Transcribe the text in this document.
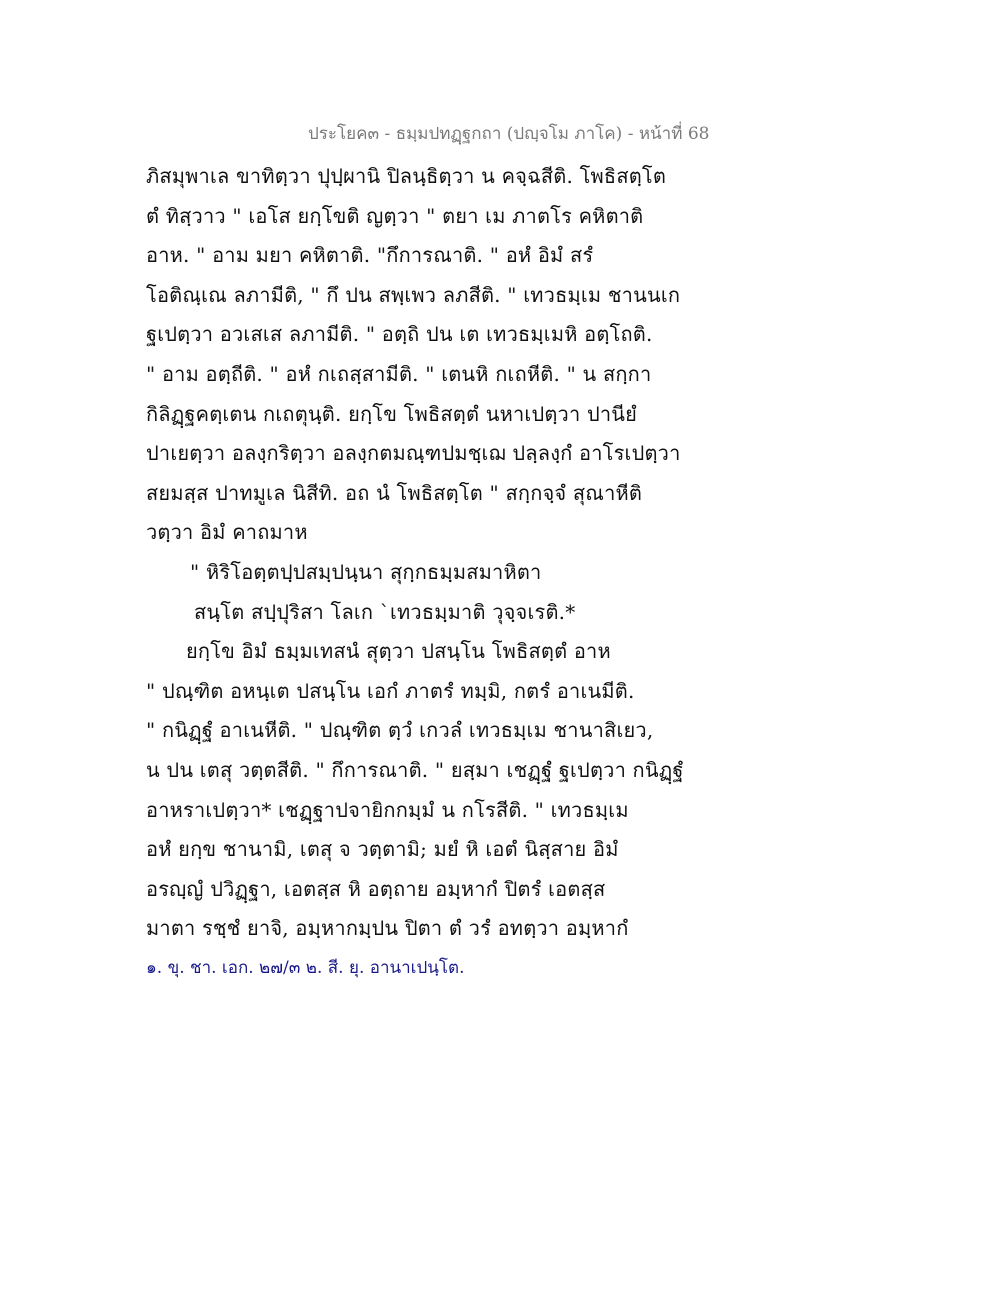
ประโยค๓ - ธมฺมปทฏฺฐกถา (ปญฺจโม ภาโค) - หน้าที่ 68
ภิสมุพาเล ขาทิตฺวา ปุปฺผานิ ปิลนฺธิตฺวา น คจฺฉสีติ. โพธิสตฺโต
ตํ ทิสฺวาว " เอโส ยกฺโขติ ญตฺวา " ตยา เม ภาตโร คหิตาติ
อาห. " อาม มยา คหิตาติ. "กึการณาติ. " อหํ อิมํ สรํ
โอติณฺเณ ลภามีติ, " กึ ปน สพฺเพว ลภสีติ. " เทวธมฺเม ชานนเก
ฐเปตฺวา อวเสเส ลภามีติ. " อตฺถิ ปน เต เทวธมฺเมหิ อตฺโถติ.
" อาม อตฺถีติ. " อหํ กเถสฺสามีติ. " เตนหิ กเถหีติ. " น สกฺกา
กิลิฏฺฐคตฺเตน กเถตุนฺติ. ยกฺโข โพธิสตฺตํ นหาเปตฺวา ปานียํ
ปาเยตฺวา อลงฺกริตฺวา อลงฺกตมณฺฑปมชฺเฌ ปลฺลงฺกํ อาโรเปตฺวา
สยมสฺส ปาทมูเล นิสีทิ. อถ นํ โพธิสตฺโต " สกฺกจฺจํ สุณาหีติ
วตฺวา อิมํ คาถมาห
" หิริโอตฺตปฺปสมฺปนฺนา สุกฺกธมฺมสมาหิตา
สนฺโต สปฺปุริสา โลเก `เทวธมฺมาติ วุจฺจเรติ.*
ยกฺโข อิมํ ธมฺมเทสนํ สุตฺวา ปสนฺโน โพธิสตฺตํ อาห
" ปณฺฑิต อหนฺเต ปสนฺโน เอกํ ภาตรํ ทมฺมิ, กตรํ อาเนมีติ.
" กนิฏฺฐํ อาเนหีติ. " ปณฺฑิต ตฺวํ เกวลํ เทวธมฺเม ชานาสิเยว,
น ปน เตสุ วตฺตสีติ. " กึการณาติ. " ยสฺมา เชฏฺฐํ ฐเปตฺวา กนิฏฺฐํ
อาหราเปตฺวา* เชฏฺฐาปจายิกกมฺมํ น กโรสีติ. " เทวธมฺเม
อหํ ยกฺข ชานามิ, เตสุ จ วตฺตามิ; มยํ หิ เอตํ นิสฺสาย อิมํ
อรญฺญํ ปวิฏฺฐา, เอตสฺส หิ อตฺถาย อมฺหากํ ปิตรํ เอตสฺส
มาตา รชฺชํ ยาจิ, อมฺหากมฺปน ปิตา ตํ วรํ อทตฺวา อมฺหากํ
๑. ขุ. ชา. เอก. ๒๗/๓ ๒. สี. ยุ. อานาเปนฺโต.
